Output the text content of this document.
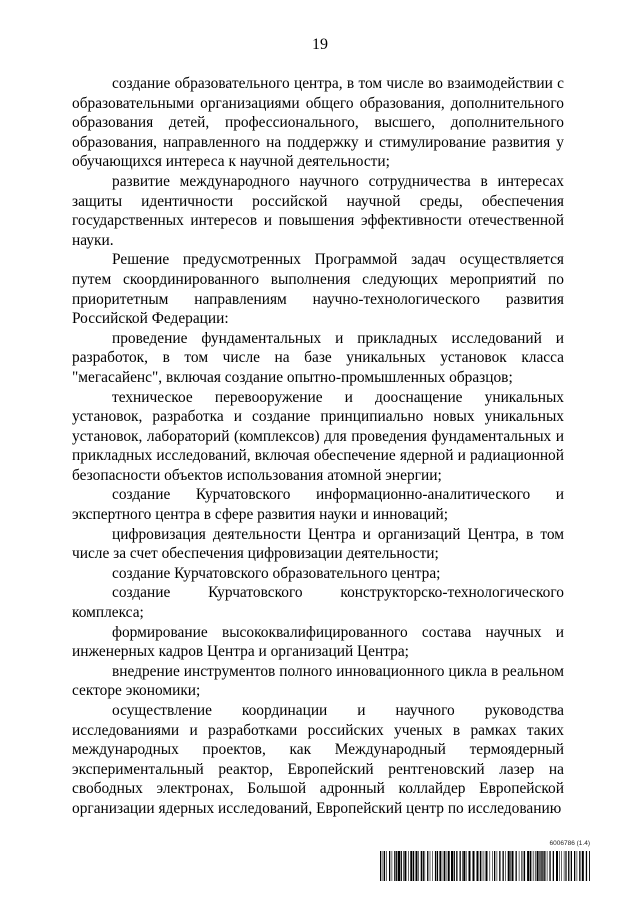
19

создание образовательного центра, в том числе во взаимодействии с образовательными организациями общего образования, дополнительного образования детей, профессионального, высшего, дополнительного образования, направленного на поддержку и стимулирование развития у обучающихся интереса к научной деятельности;

развитие международного научного сотрудничества в интересах защиты идентичности российской научной среды, обеспечения государственных интересов и повышения эффективности отечественной науки.

Решение предусмотренных Программой задач осуществляется путем скоординированного выполнения следующих мероприятий по приоритетным направлениям научно-технологического развития Российской Федерации:

проведение фундаментальных и прикладных исследований и разработок, в том числе на базе уникальных установок класса "мегасайенс", включая создание опытно-промышленных образцов;

техническое перевооружение и дооснащение уникальных установок, разработка и создание принципиально новых уникальных установок, лабораторий (комплексов) для проведения фундаментальных и прикладных исследований, включая обеспечение ядерной и радиационной безопасности объектов использования атомной энергии;

создание Курчатовского информационно-аналитического и экспертного центра в сфере развития науки и инноваций;

цифровизация деятельности Центра и организаций Центра, в том числе за счет обеспечения цифровизации деятельности;

создание Курчатовского образовательного центра;

создание Курчатовского конструкторско-технологического комплекса;

формирование высококвалифицированного состава научных и инженерных кадров Центра и организаций Центра;

внедрение инструментов полного инновационного цикла в реальном секторе экономики;

осуществление координации и научного руководства исследованиями и разработками российских ученых в рамках таких международных проектов, как Международный термоядерный экспериментальный реактор, Европейский рентгеновский лазер на свободных электронах, Большой адронный коллайдер Европейской организации ядерных исследований, Европейский центр по исследованию

6006786 (1.4)
